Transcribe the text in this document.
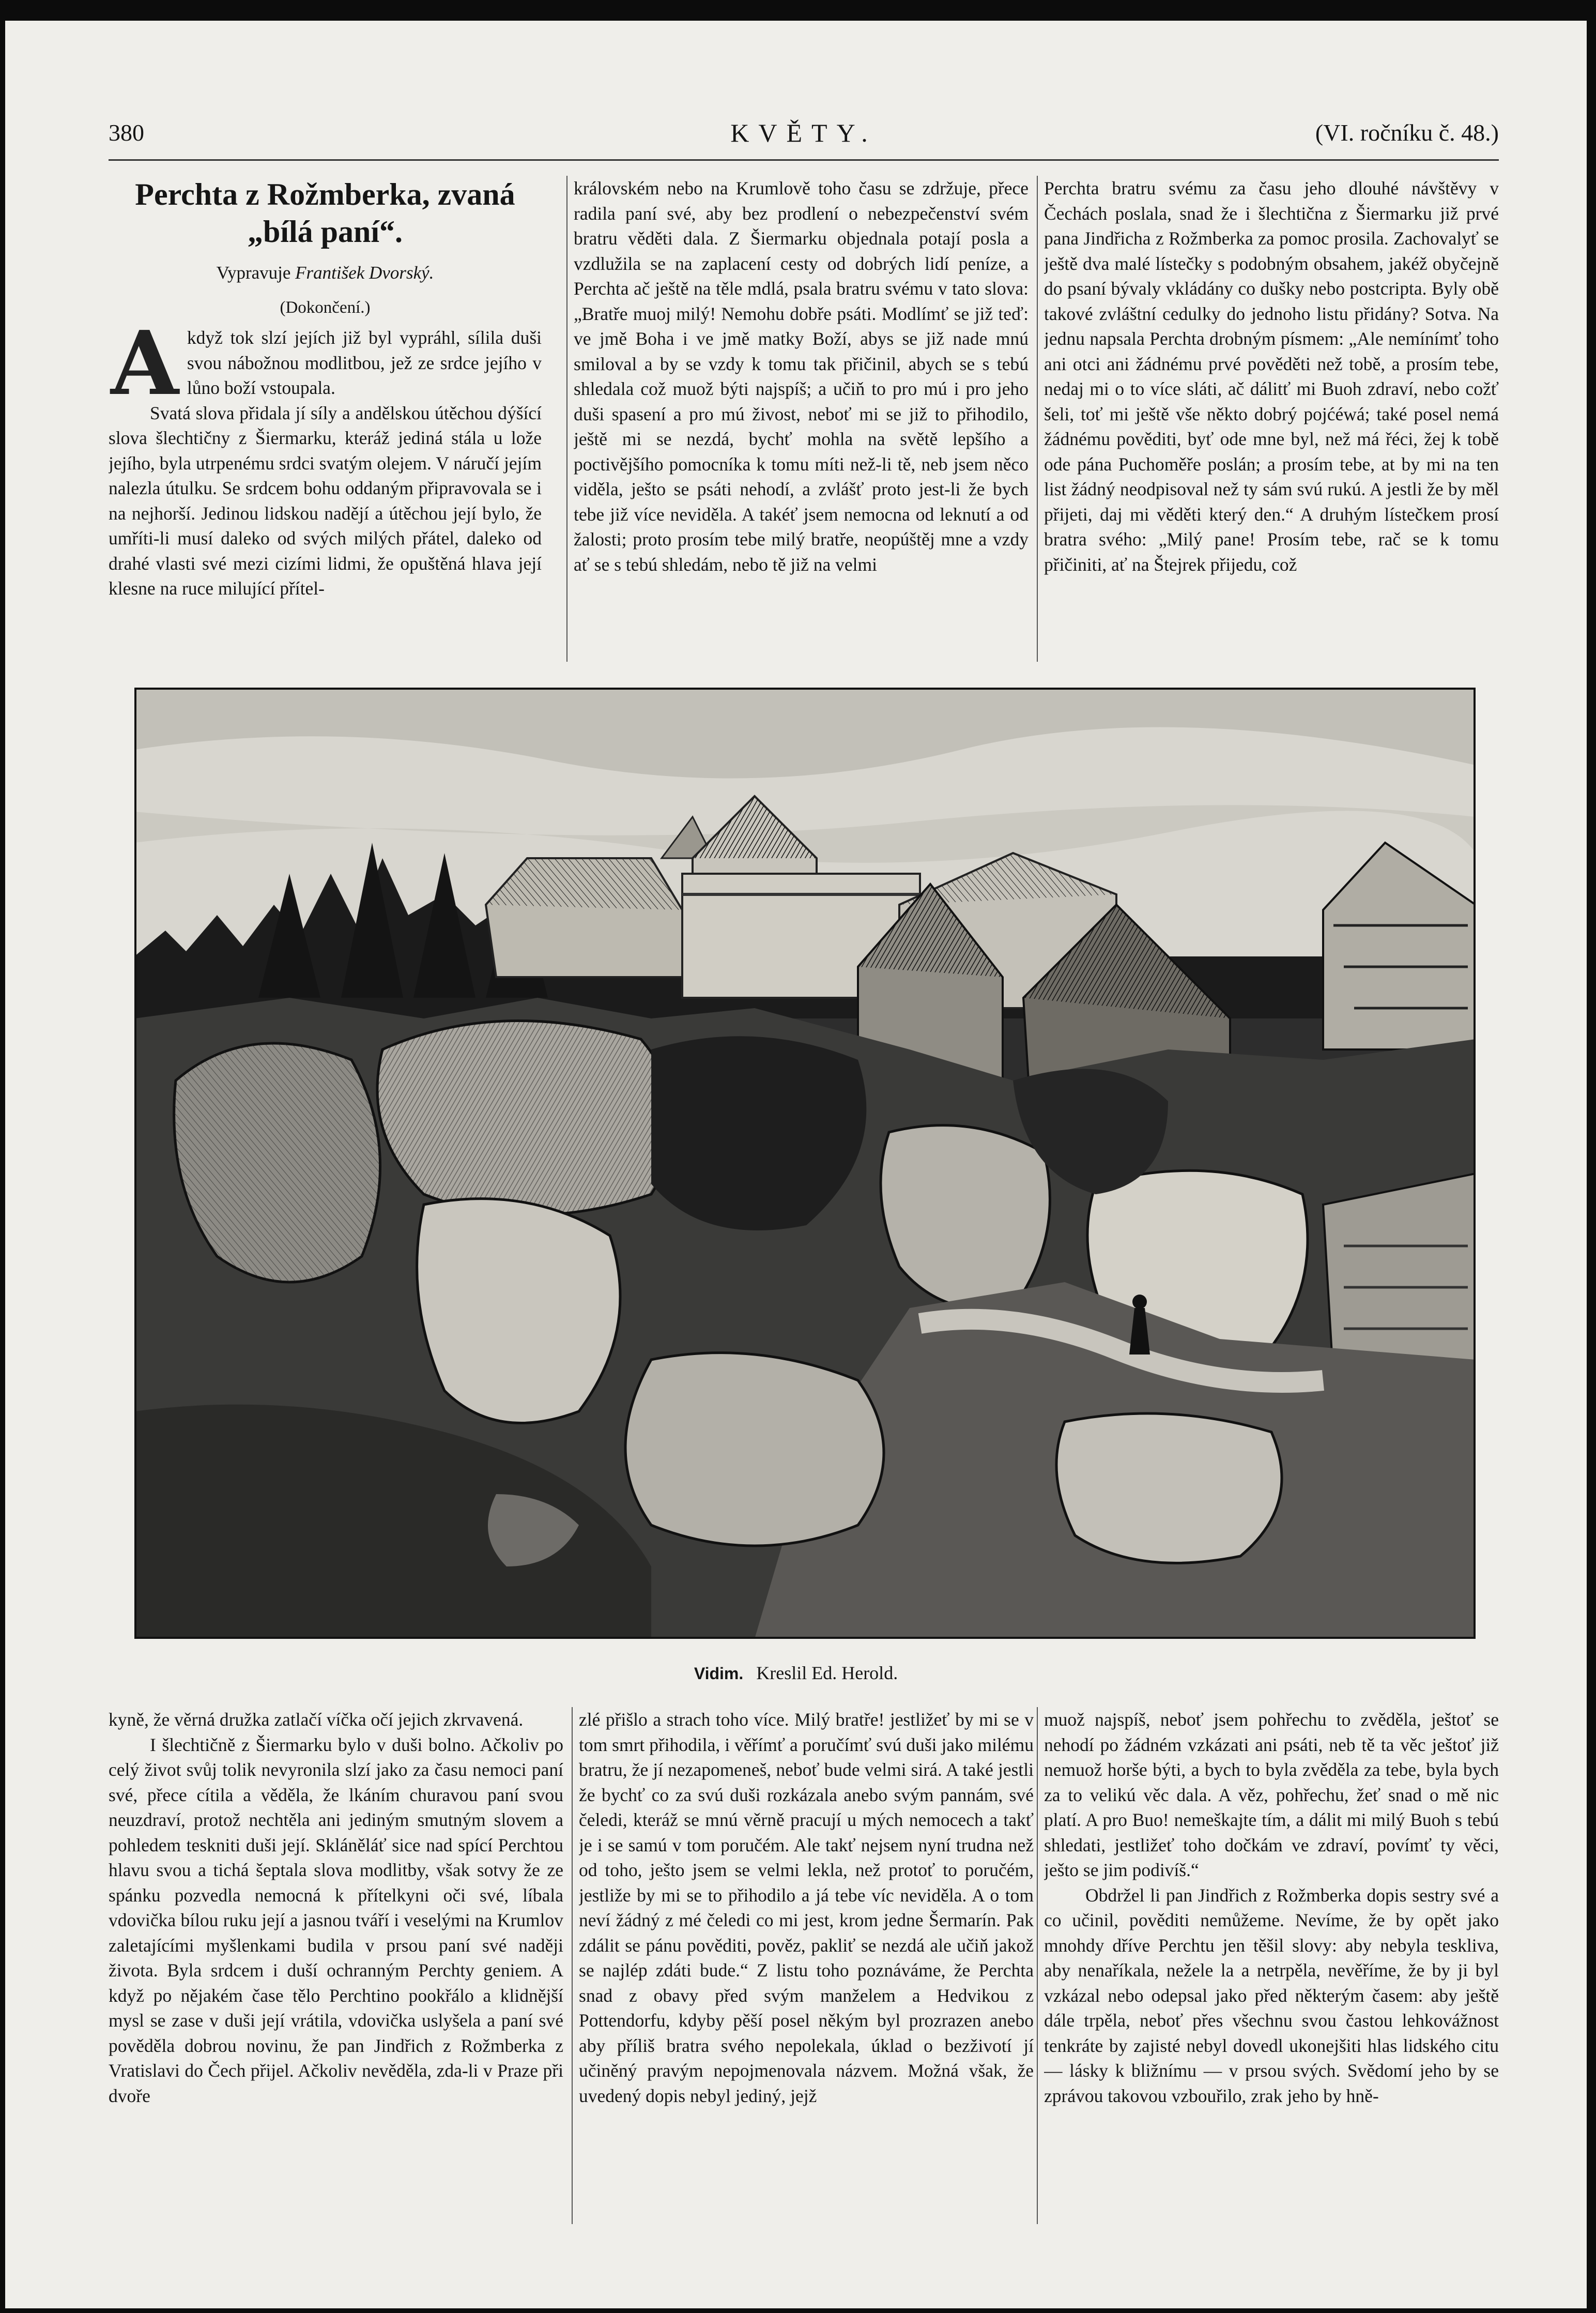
380	KVĚTY.	(VI. ročníku č. 48.)
Perchta z Rožmberka, zvaná „bílá paní“.
Vypravuje František Dvorský.
(Dokončení.)

Akdyž tok slzí jejích již byl vypráhl, sílila duši svou nábožnou modlitbou, jež ze srdce jejího v lůno boží vstoupala.

Svatá slova přidala jí síly a andělskou útěchou dýšící slova šlechtičny z Šiermarku, kteráž jediná stála u lože jejího, byla utrpenému srdci svatým olejem. V náručí jejím nalezla útulku. Se srdcem bohu oddaným připravovala se i na nejhorší. Jedinou lidskou nadějí a útěchou její bylo, že umříti-li musí daleko od svých milých přátel, daleko od drahé vlasti své mezi cizími lidmi, že opuštěná hlava její klesne na ruce milující přítel-

královském nebo na Krumlově toho času se zdržuje, přece radila paní své, aby bez prodlení o nebezpečenství svém bratru věděti dala. Z Šiermarku objednala potají posla a vzdlužila se na zaplacení cesty od dobrých lidí peníze, a Perchta ač ještě na těle mdlá, psala bratru svému v tato slova: „Bratře muoj milý! Nemohu dobře psáti. Modlímť se již teď: ve jmě Boha i ve jmě matky Boží, abys se již nade mnú smiloval a by se vzdy k tomu tak přičinil, abych se s tebú shledala což muož býti najspíš; a učiň to pro mú i pro jeho duši spasení a pro mú živost, neboť mi se již to přihodilo, ještě mi se nezdá, bychť mohla na světě lepšího a poctivějšího pomocníka k tomu míti než-li tě, neb jsem něco viděla, ješto se psáti nehodí, a zvlášť proto jest-li že bych tebe již více neviděla. A takéť jsem nemocna od leknutí a od žalosti; proto prosím tebe milý bratře, neopúštěj mne a vzdy ať se s tebú shledám, nebo tě již na velmi

Perchta bratru svému za času jeho dlouhé návštěvy v Čechách poslala, snad že i šlechtična z Šiermarku již prvé pana Jindřicha z Rožmberka za pomoc prosila. Zachovalyť se ještě dva malé lístečky s podobným obsahem, jakéž obyčejně do psaní bývaly vkládány co dušky nebo postcripta. Byly obě takové zvláštní cedulky do jednoho listu přidány? Sotva. Na jednu napsala Perchta drobným písmem: „Ale nemínímť toho ani otci ani žádnému prvé pověděti než tobě, a prosím tebe, nedaj mi o to více sláti, ač dálitť mi Buoh zdraví, nebo cožť šeli, toť mi ještě vše někto dobrý pojćéwá; také posel nemá žádnému pověditi, byť ode mne byl, než má řéci, žej k tobě ode pána Puchoměře poslán; a prosím tebe, at by mi na ten list žádný neodpisoval než ty sám svú rukú. A jestli že by měl přijeti, daj mi věděti který den.“ A druhým lístečkem prosí bratra svého: „Milý pane! Prosím tebe, rač se k tomu přičiniti, ať na Štejrek přijedu, což

Vidim. Kreslil Ed. Herold.

kyně, že věrná družka zatlačí víčka očí jejich zkrvavená.

I šlechtičně z Šiermarku bylo v duši bolno. Ačkoliv po celý život svůj tolik nevyronila slzí jako za času nemoci paní své, přece cítila a věděla, že lkáním churavou paní svou neuzdraví, protož nechtěla ani jediným smutným slovem a pohledem teskniti duši její. Skláněláť sice nad spící Perchtou hlavu svou a tichá šeptala slova modlitby, však sotvy že ze spánku pozvedla nemocná k přítelkyni oči své, líbala vdovička bílou ruku její a jasnou tváří i veselými na Krumlov zaletajícími myšlenkami budila v prsou paní své naději života. Byla srdcem i duší ochranným Perchty geniem. A když po nějakém čase tělo Perchtino pookřálo a klidnější mysl se zase v duši její vrátila, vdovička uslyšela a paní své pověděla dobrou novinu, že pan Jindřich z Rožmberka z Vratislavi do Čech přijel. Ačkoliv nevěděla, zda-li v Praze při dvoře

zlé přišlo a strach toho více. Milý bratře! jestližeť by mi se v tom smrt přihodila, i věřímť a poručímť svú duši jako milému bratru, že jí nezapomeneš, neboť bude velmi sirá. A také jestli že bychť co za svú duši rozkázala anebo svým pannám, své čeledi, kteráž se mnú věrně pracují u mých nemocech a takť je i se samú v tom poručém. Ale takť nejsem nyní trudna než od toho, ješto jsem se velmi lekla, než protoť to poručém, jestliže by mi se to přihodilo a já tebe víc neviděla. A o tom neví žádný z mé čeledi co mi jest, krom jedne Šermarín. Pak zdálit se pánu pověditi, pověz, pakliť se nezdá ale učiň jakož se najlép zdáti bude.“ Z listu toho poznáváme, že Perchta snad z obavy před svým manželem a Hedvikou z Pottendorfu, kdyby pěší posel někým byl prozrazen anebo aby příliš bratra svého nepolekala, úklad o bezživotí jí učiněný pravým nepojmenovala názvem. Možná však, že uvedený dopis nebyl jediný, jejž

muož najspíš, neboť jsem pohřechu to zvěděla, ještoť se nehodí po žádném vzkázati ani psáti, neb tě ta věc ještoť již nemuož horše býti, a bych to byla zvěděla za tebe, byla bych za to velikú věc dala. A věz, pohřechu, žeť snad o mě nic platí. A pro Buo! nemeškajte tím, a dálit mi milý Buoh s tebú shledati, jestližeť toho dočkám ve zdraví, povímť ty věci, ješto se jim podivíš.“

Obdržel li pan Jindřich z Rožmberka dopis sestry své a co učinil, pověditi nemůžeme. Nevíme, že by opět jako mnohdy dříve Perchtu jen těšil slovy: aby nebyla teskliva, aby nenaříkala, nežele la a netrpěla, nevěříme, že by ji byl vzkázal nebo odepsal jako před některým časem: aby ještě dále trpěla, neboť přes všechnu svou častou lehkovážnost tenkráte by zajisté nebyl dovedl ukonejšiti hlas lidského citu — lásky k bližnímu — v prsou svých. Svědomí jeho by se zprávou takovou vzbouřilo, zrak jeho by hně-
